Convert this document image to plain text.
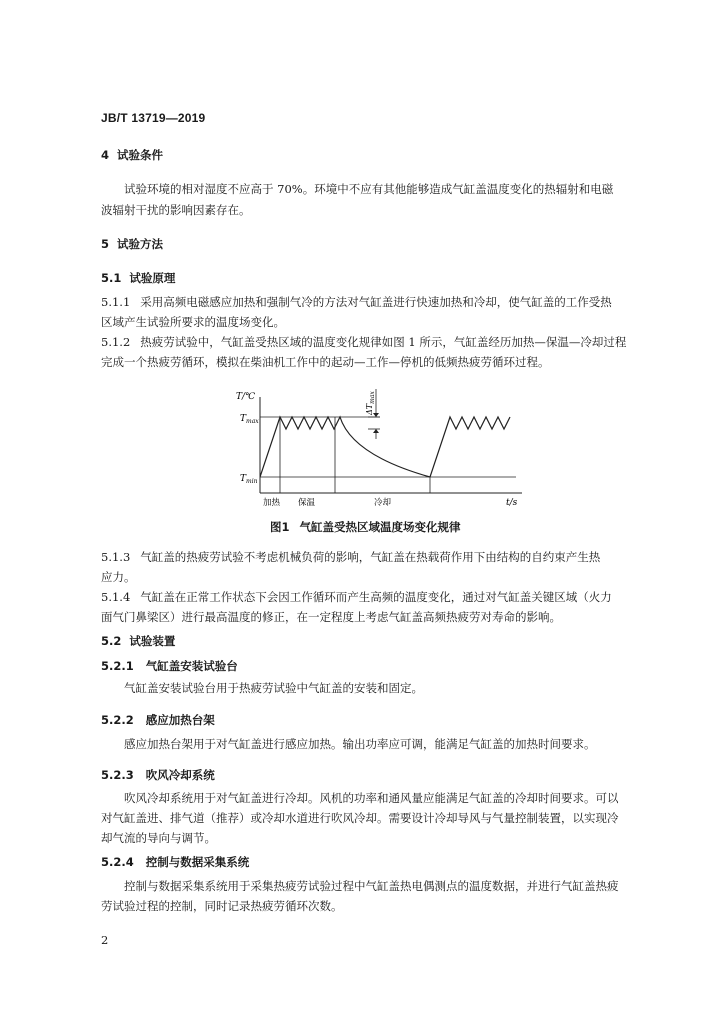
JB/T 13719—2019
4 试验条件
试验环境的相对湿度不应高于 70%。环境中不应有其他能够造成气缸盖温度变化的热辐射和电磁
波辐射干扰的影响因素存在。
5 试验方法
5.1 试验原理
5.1.1 采用高频电磁感应加热和强制气冷的方法对气缸盖进行快速加热和冷却，使气缸盖的工作受热
区域产生试验所要求的温度场变化。
5.1.2 热疲劳试验中，气缸盖受热区域的温度变化规律如图 1 所示，气缸盖经历加热—保温—冷却过程
完成一个热疲劳循环，模拟在柴油机工作中的起动—工作—停机的低频热疲劳循环过程。
T/℃
$T_{max}$
$T_{min}$
$\Delta T_{max}$
加热 保温	冷却	t/s
图1 气缸盖受热区域温度场变化规律
5.1.3 气缸盖的热疲劳试验不考虑机械负荷的影响，气缸盖在热载荷作用下由结构的自约束产生热
应力。
5.1.4 气缸盖在正常工作状态下会因工作循环而产生高频的温度变化，通过对气缸盖关键区域（火力
面气门鼻梁区）进行最高温度的修正，在一定程度上考虑气缸盖高频热疲劳对寿命的影响。
5.2 试验装置
5.2.1 气缸盖安装试验台
气缸盖安装试验台用于热疲劳试验中气缸盖的安装和固定。
5.2.2 感应加热台架
感应加热台架用于对气缸盖进行感应加热。输出功率应可调，能满足气缸盖的加热时间要求。
5.2.3 吹风冷却系统
吹风冷却系统用于对气缸盖进行冷却。风机的功率和通风量应能满足气缸盖的冷却时间要求。可以
对气缸盖进、排气道（推荐）或冷却水道进行吹风冷却。需要设计冷却导风与气量控制装置，以实现冷
却气流的导向与调节。
5.2.4 控制与数据采集系统
控制与数据采集系统用于采集热疲劳试验过程中气缸盖热电偶测点的温度数据，并进行气缸盖热疲
劳试验过程的控制，同时记录热疲劳循环次数。
2
